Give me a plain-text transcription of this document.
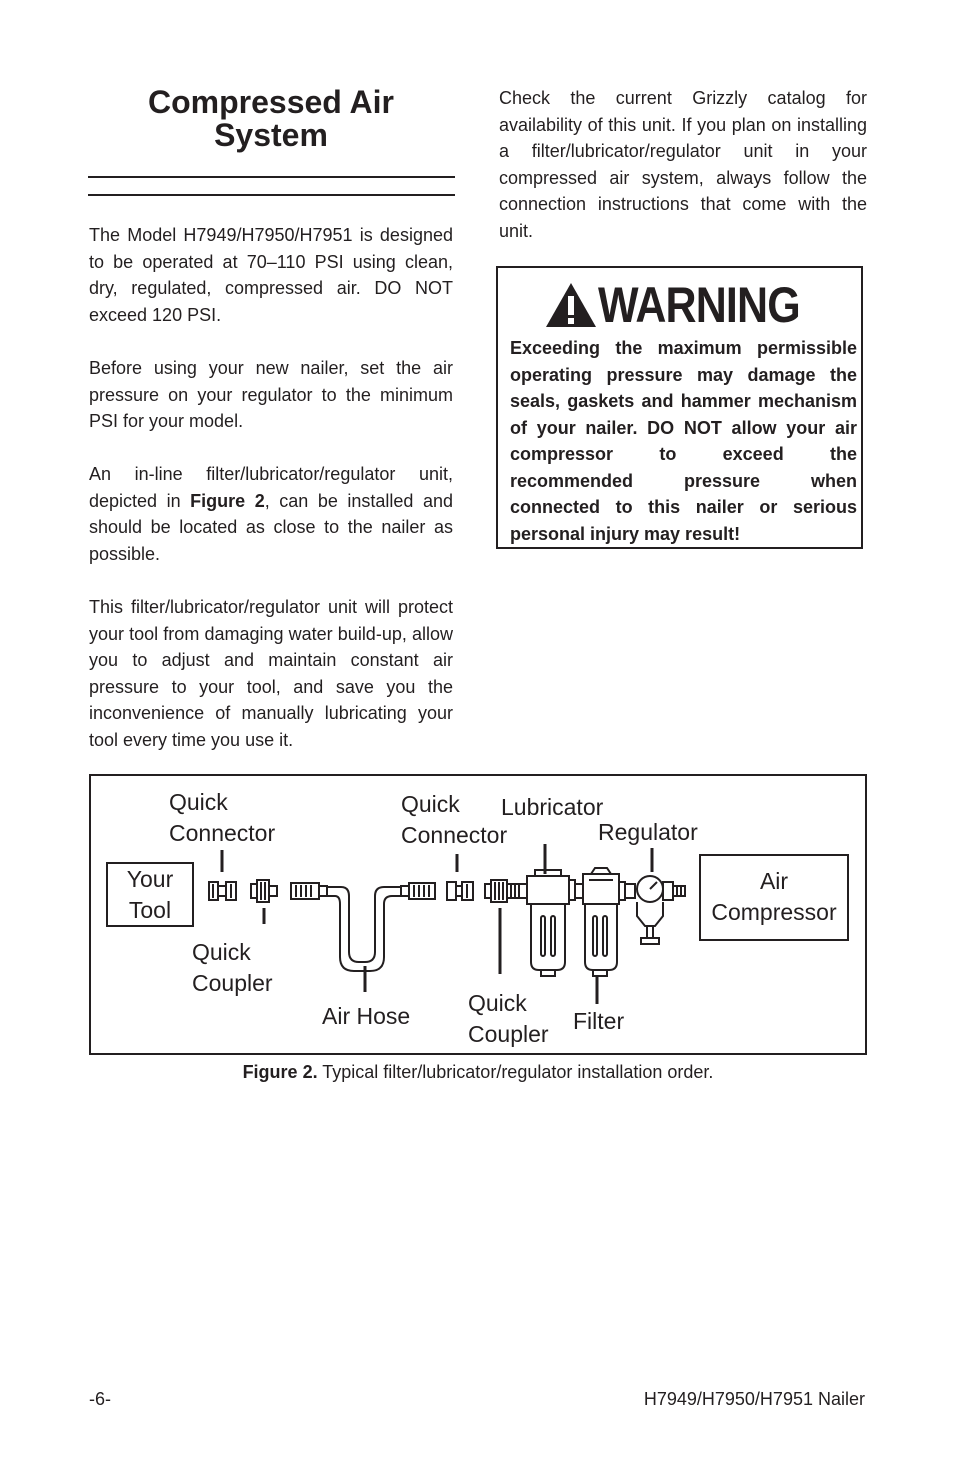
Compressed Air
System

The Model H7949/H7950/H7951 is designed to be operated at 70–110 PSI using clean, dry, regulated, compressed air. DO NOT exceed 120 PSI.

Before using your new nailer, set the air pressure on your regulator to the minimum PSI for your model.

An in-line filter/lubricator/regulator unit, depicted in Figure 2, can be installed and should be located as close to the nailer as possible.

This filter/lubricator/regulator unit will protect your tool from damaging water build-up, allow you to adjust and maintain constant air pressure to your tool, and save you the inconvenience of manually lubricating your tool every time you use it.

Check the current Grizzly catalog for availability of this unit. If you plan on installing a filter/lubricator/regulator unit in your compressed air system, always follow the connection instructions that come with the unit.

WARNING

Exceeding the maximum permissible operating pressure may damage the seals, gaskets and hammer mechanism of your nailer. DO NOT allow your air compressor to exceed the recommended pressure when connected to this nailer or serious personal injury may result!

Quick
Connector
Quick
Connector
Lubricator
Regulator
Your
Tool
Air
Compressor
Quick
Coupler
Air Hose	Quick
Coupler Filter

Figure 2. Typical filter/lubricator/regulator installation order.

-6-	H7949/H7950/H7951 Nailer
